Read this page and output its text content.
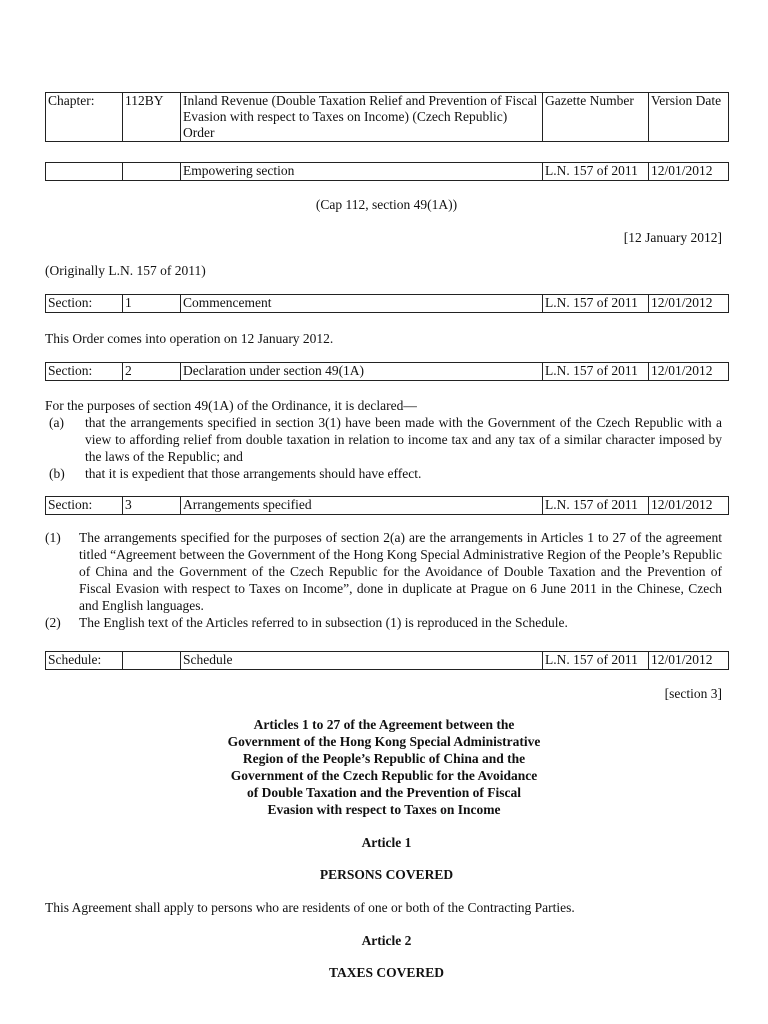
Chapter:	112BY	Inland Revenue (Double Taxation Relief and Prevention of Fiscal Evasion with respect to Taxes on Income) (Czech Republic) Order	Gazette Number	Version Date
		Empowering section	L.N. 157 of 2011	12/01/2012
(Cap 112, section 49(1A))
[12 January 2012]
(Originally L.N. 157 of 2011)
Section:	1	Commencement	L.N. 157 of 2011	12/01/2012
This Order comes into operation on 12 January 2012.
Section:	2	Declaration under section 49(1A)	L.N. 157 of 2011	12/01/2012
For the purposes of section 49(1A) of the Ordinance, it is declared—
(a)	that the arrangements specified in section 3(1) have been made with the Government of the Czech Republic with a view to affording relief from double taxation in relation to income tax and any tax of a similar character imposed by the laws of the Republic; and
(b)	that it is expedient that those arrangements should have effect.
Section:	3	Arrangements specified	L.N. 157 of 2011	12/01/2012
(1)	The arrangements specified for the purposes of section 2(a) are the arrangements in Articles 1 to 27 of the agreement titled “Agreement between the Government of the Hong Kong Special Administrative Region of the People’s Republic of China and the Government of the Czech Republic for the Avoidance of Double Taxation and the Prevention of Fiscal Evasion with respect to Taxes on Income”, done in duplicate at Prague on 6 June 2011 in the Chinese, Czech and English languages.
(2)	The English text of the Articles referred to in subsection (1) is reproduced in the Schedule.
Schedule:		Schedule	L.N. 157 of 2011	12/01/2012
[section 3]
Articles 1 to 27 of the Agreement between the
Government of the Hong Kong Special Administrative
Region of the People’s Republic of China and the
Government of the Czech Republic for the Avoidance
of Double Taxation and the Prevention of Fiscal
Evasion with respect to Taxes on Income
Article 1
PERSONS COVERED
This Agreement shall apply to persons who are residents of one or both of the Contracting Parties.
Article 2
TAXES COVERED
